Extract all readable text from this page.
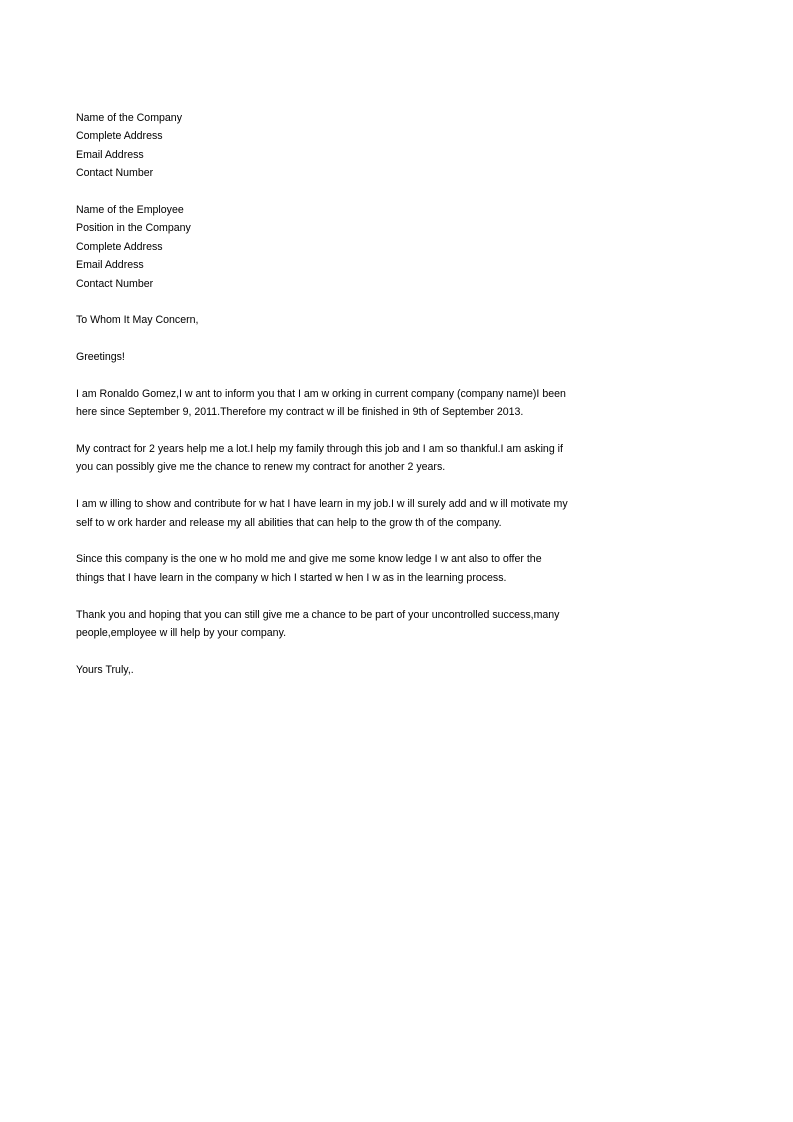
Name of the Company
Complete Address
Email Address
Contact Number
Name of the Employee
Position in the Company
Complete Address
Email Address
Contact Number
To Whom It May Concern,
Greetings!
I am Ronaldo Gomez,I w ant to inform you that I am w orking in current company (company name)I been
here since September 9, 2011.Therefore my contract w ill be finished in 9th of September 2013.
My contract for 2 years help me a lot.I help my family through this job and I am so thankful.I am asking if
you can possibly give me the chance to renew my contract for another 2 years.
I am w illing to show and contribute for w hat I have learn in my job.I w ill surely add and w ill motivate my
self to w ork harder and release my all abilities that can help to the grow th of the company.
Since this company is the one w ho mold me and give me some know ledge I w ant also to offer the
things that I have learn in the company w hich I started w hen I w as in the learning process.
Thank you and hoping that you can still give me a chance to be part of your uncontrolled success,many
people,employee w ill help by your company.
Yours Truly,.
